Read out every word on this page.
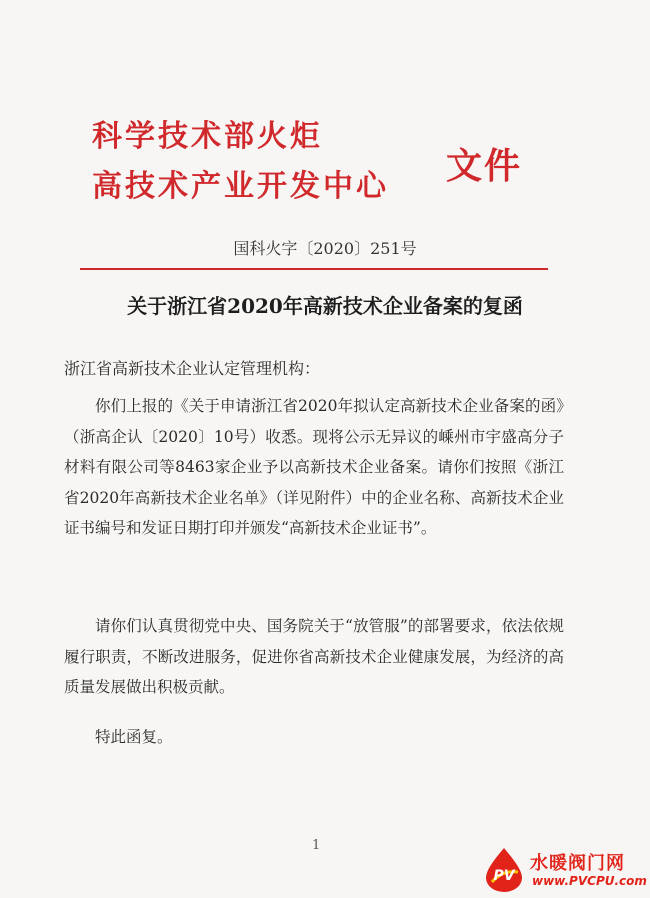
科学技术部火炬
高技术产业开发中心 文件
国科火字〔2020〕251号
关于浙江省2020年高新技术企业备案的复函
浙江省高新技术企业认定管理机构：

你们上报的《关于申请浙江省2020年拟认定高新技术企业备案的函》（浙高企认〔2020〕10号）收悉。现将公示无异议的嵊州市宇盛高分子材料有限公司等8463家企业予以高新技术企业备案。请你们按照《浙江省2020年高新技术企业名单》（详见附件）中的企业名称、高新技术企业证书编号和发证日期打印并颁发“高新技术企业证书”。

请你们认真贯彻党中央、国务院关于“放管服”的部署要求，依法依规履行职责，不断改进服务，促进你省高新技术企业健康发展，为经济的高质量发展做出积极贡献。

特此函复。

1
PV
水暖阀门网
www.PVCPU.com
